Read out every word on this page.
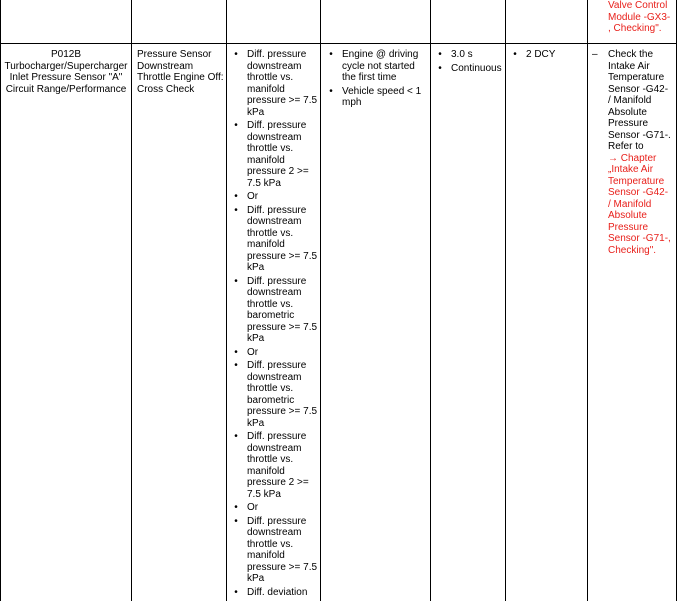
Valve Control
Module -GX3-
, Checking".
P012B
Turbocharger/Supercharger
Inlet Pressure Sensor "A"
Circuit Range/Performance
Pressure Sensor
Downstream
Throttle Engine Off:
Cross Check
• Diff. pressure
downstream
throttle vs.
manifold
pressure >= 7.5
kPa
• Diff. pressure
downstream
throttle vs.
manifold
pressure 2 >=
7.5 kPa
• Or
• Diff. pressure
downstream
throttle vs.
manifold
pressure >= 7.5
kPa
• Diff. pressure
downstream
throttle vs.
barometric
pressure >= 7.5
kPa
• Or
• Diff. pressure
downstream
throttle vs.
barometric
pressure >= 7.5
kPa
• Diff. pressure
downstream
throttle vs.
manifold
pressure 2 >=
7.5 kPa
• Or
• Diff. pressure
downstream
throttle vs.
manifold
pressure >= 7.5
kPa
• Diff. deviation
• Engine @ driving
cycle not started
the first time
• Vehicle speed < 1
mph
• 3.0 s
• Continuous
• 2 DCY	–	Check the
Intake Air
Temperature
Sensor -G42-
/ Manifold
Absolute
Pressure
Sensor -G71-.
Refer to
→ Chapter
„Intake Air
Temperature
Sensor -G42-
/ Manifold
Absolute
Pressure
Sensor -G71-,
Checking".
